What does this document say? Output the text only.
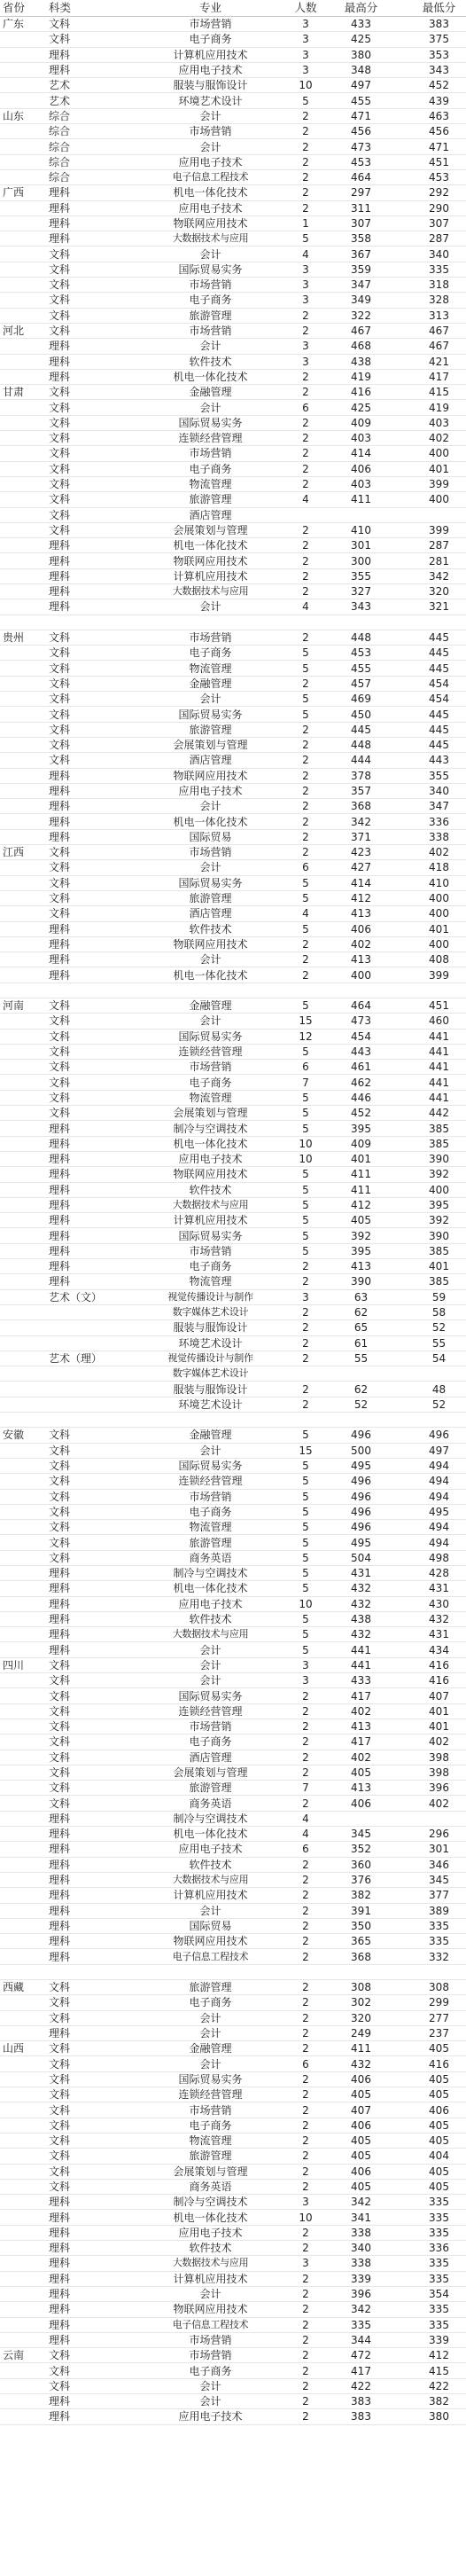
省份	科类	专业	人数	最高分	最低分
广东	文科	市场营销	3	433	383
	文科	电子商务	3	425	375
	理科	计算机应用技术	3	380	353
	理科	应用电子技术	3	348	343
	艺术	服装与服饰设计	10	497	452
	艺术	环境艺术设计	5	455	439
山东	综合	会计	2	471	463
	综合	市场营销	2	456	456
	综合	会计	2	473	471
	综合	应用电子技术	2	453	451
	综合	电子信息工程技术	2	464	453
广西	理科	机电一体化技术	2	297	292
	理科	应用电子技术	2	311	290
	理科	物联网应用技术	1	307	307
	理科	大数据技术与应用	5	358	287
	文科	会计	4	367	340
	文科	国际贸易实务	3	359	335
	文科	市场营销	3	347	318
	文科	电子商务	3	349	328
	文科	旅游管理	2	322	313
河北	文科	市场营销	2	467	467
	理科	会计	3	468	467
	理科	软件技术	3	438	421
	理科	机电一体化技术	2	419	417
甘肃	文科	金融管理	2	416	415
	文科	会计	6	425	419
	文科	国际贸易实务	2	409	403
	文科	连锁经营管理	2	403	402
	文科	市场营销	2	414	400
	文科	电子商务	2	406	401
	文科	物流管理	2	403	399
	文科	旅游管理	4	411	400
	文科	酒店管理			
	文科	会展策划与管理	2	410	399
	理科	机电一体化技术	2	301	287
	理科	物联网应用技术	2	300	281
	理科	计算机应用技术	2	355	342
	理科	大数据技术与应用	2	327	320
	理科	会计	4	343	321

贵州	文科	市场营销	2	448	445
	文科	电子商务	5	453	445
	文科	物流管理	5	455	445
	文科	金融管理	2	457	454
	文科	会计	5	469	454
	文科	国际贸易实务	5	450	445
	文科	旅游管理	2	445	445
	文科	会展策划与管理	2	448	445
	文科	酒店管理	2	444	443
	理科	物联网应用技术	2	378	355
	理科	应用电子技术	2	357	340
	理科	会计	2	368	347
	理科	机电一体化技术	2	342	336
	理科	国际贸易	2	371	338
江西	文科	市场营销	2	423	402
	文科	会计	6	427	418
	文科	国际贸易实务	5	414	410
	文科	旅游管理	5	412	400
	文科	酒店管理	4	413	400
	理科	软件技术	5	406	401
	理科	物联网应用技术	2	402	400
	理科	会计	2	413	408
	理科	机电一体化技术	2	400	399

河南	文科	金融管理	5	464	451
	文科	会计	15	473	460
	文科	国际贸易实务	12	454	441
	文科	连锁经营管理	5	443	441
	文科	市场营销	6	461	441
	文科	电子商务	7	462	441
	文科	物流管理	5	446	441
	文科	会展策划与管理	5	452	442
	理科	制冷与空调技术	5	395	385
	理科	机电一体化技术	10	409	385
	理科	应用电子技术	10	401	390
	理科	物联网应用技术	5	411	392
	理科	软件技术	5	411	400
	理科	大数据技术与应用	5	412	395
	理科	计算机应用技术	5	405	392
	理科	国际贸易实务	5	392	390
	理科	市场营销	5	395	385
	理科	电子商务	2	413	401
	理科	物流管理	2	390	385
	艺术（文）	视觉传播设计与制作	3	63	59
		数字媒体艺术设计	2	62	58
		服装与服饰设计	2	65	52
		环境艺术设计	2	61	55
	艺术（理）	视觉传播设计与制作	2	55	54
		数字媒体艺术设计			
		服装与服饰设计	2	62	48
		环境艺术设计	2	52	52

安徽	文科	金融管理	5	496	496
	文科	会计	15	500	497
	文科	国际贸易实务	5	495	494
	文科	连锁经营管理	5	496	494
	文科	市场营销	5	496	494
	文科	电子商务	5	496	495
	文科	物流管理	5	496	494
	文科	旅游管理	5	495	494
	文科	商务英语	5	504	498
	理科	制冷与空调技术	5	431	428
	理科	机电一体化技术	5	432	431
	理科	应用电子技术	10	432	430
	理科	软件技术	5	438	432
	理科	大数据技术与应用	5	432	431
	理科	会计	5	441	434
四川	文科	会计	3	441	416
	文科	会计	3	433	416
	文科	国际贸易实务	2	417	407
	文科	连锁经营管理	2	402	401
	文科	市场营销	2	413	401
	文科	电子商务	2	417	402
	文科	酒店管理	2	402	398
	文科	会展策划与管理	2	405	398
	文科	旅游管理	7	413	396
	文科	商务英语	2	406	402
	理科	制冷与空调技术	4		
	理科	机电一体化技术	4	345	296
	理科	应用电子技术	6	352	301
	理科	软件技术	2	360	346
	理科	大数据技术与应用	2	376	345
	理科	计算机应用技术	2	382	377
	理科	会计	2	391	389
	理科	国际贸易	2	350	335
	理科	物联网应用技术	2	365	335
	理科	电子信息工程技术	2	368	332

西藏	文科	旅游管理	2	308	308
	文科	电子商务	2	302	299
	文科	会计	2	320	277
	理科	会计	2	249	237
山西	文科	金融管理	2	411	405
	文科	会计	6	432	416
	文科	国际贸易实务	2	406	405
	文科	连锁经营管理	2	405	405
	文科	市场营销	2	407	406
	文科	电子商务	2	406	405
	文科	物流管理	2	405	405
	文科	旅游管理	2	405	404
	文科	会展策划与管理	2	406	405
	文科	商务英语	2	405	405
	理科	制冷与空调技术	3	342	335
	理科	机电一体化技术	10	341	335
	理科	应用电子技术	2	338	335
	理科	软件技术	2	340	336
	理科	大数据技术与应用	3	338	335
	理科	计算机应用技术	2	339	335
	理科	会计	2	396	354
	理科	物联网应用技术	2	342	335
	理科	电子信息工程技术	2	335	335
	理科	市场营销	2	344	339
云南	文科	市场营销	2	472	412
	文科	电子商务	2	417	415
	文科	会计	2	422	422
	理科	会计	2	383	382
	理科	应用电子技术	2	383	380
